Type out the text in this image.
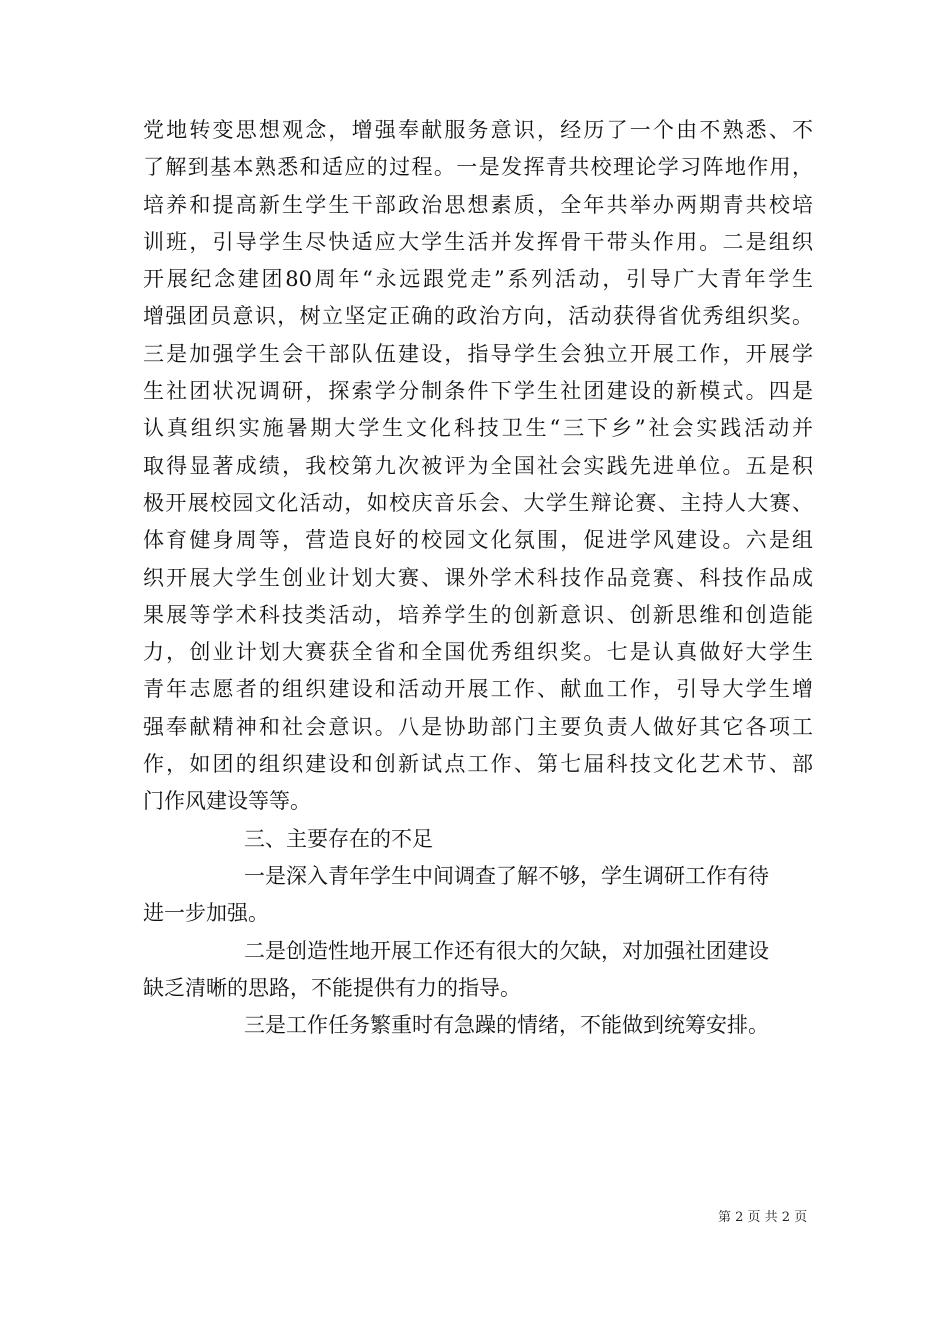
党地转变思想观念，增强奉献服务意识，经历了一个由不熟悉、不
了解到基本熟悉和适应的过程。一是发挥青共校理论学习阵地作用，
培养和提高新生学生干部政治思想素质，全年共举办两期青共校培
训班，引导学生尽快适应大学生活并发挥骨干带头作用。二是组织
开展纪念建团80周年“永远跟党走”系列活动，引导广大青年学生
增强团员意识，树立坚定正确的政治方向，活动获得省优秀组织奖。
三是加强学生会干部队伍建设，指导学生会独立开展工作，开展学
生社团状况调研，探索学分制条件下学生社团建设的新模式。四是
认真组织实施暑期大学生文化科技卫生“三下乡”社会实践活动并
取得显著成绩，我校第九次被评为全国社会实践先进单位。五是积
极开展校园文化活动，如校庆音乐会、大学生辩论赛、主持人大赛、
体育健身周等，营造良好的校园文化氛围，促进学风建设。六是组
织开展大学生创业计划大赛、课外学术科技作品竞赛、科技作品成
果展等学术科技类活动，培养学生的创新意识、创新思维和创造能
力，创业计划大赛获全省和全国优秀组织奖。七是认真做好大学生
青年志愿者的组织建设和活动开展工作、献血工作，引导大学生增
强奉献精神和社会意识。八是协助部门主要负责人做好其它各项工
作，如团的组织建设和创新试点工作、第七届科技文化艺术节、部
门作风建设等等。
三、主要存在的不足
一是深入青年学生中间调查了解不够，学生调研工作有待
进一步加强。
二是创造性地开展工作还有很大的欠缺，对加强社团建设
缺乏清晰的思路，不能提供有力的指导。
三是工作任务繁重时有急躁的情绪，不能做到统筹安排。
第 2 页 共 2 页
